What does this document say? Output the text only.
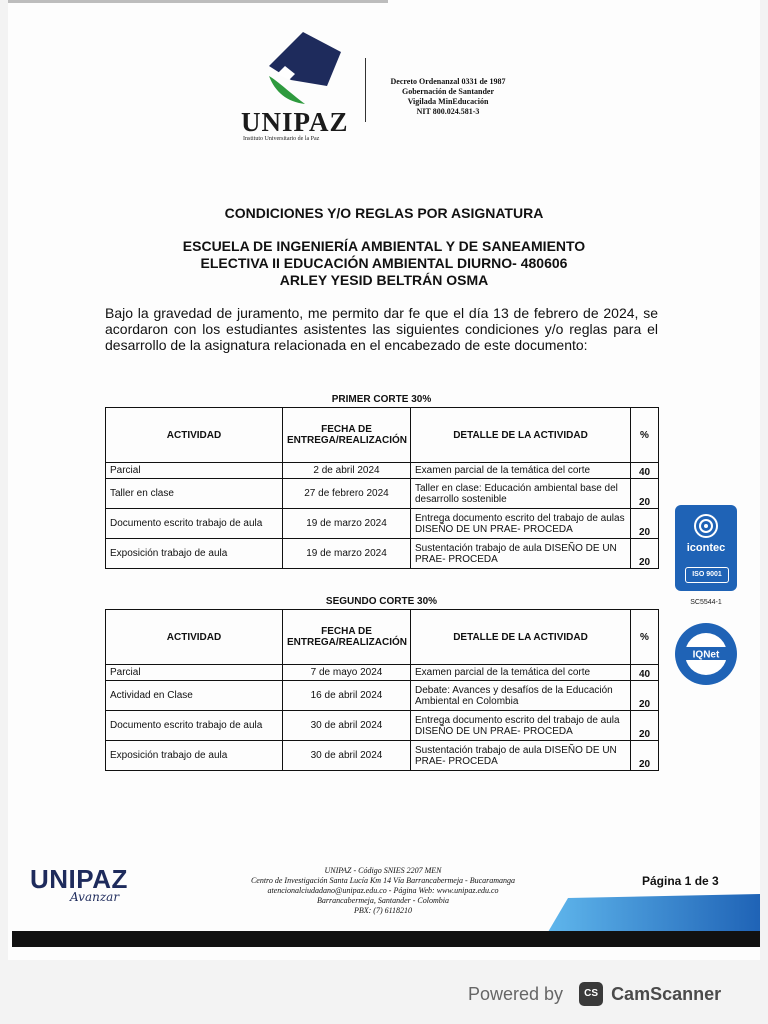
UNIPAZ
Instituto Universitario de la Paz
Decreto Ordenanzal 0331 de 1987
Gobernación de Santander
Vigilada MinEducación
NIT 800.024.581-3
CONDICIONES Y/O REGLAS POR ASIGNATURA
ESCUELA DE INGENIERÍA AMBIENTAL Y DE SANEAMIENTO
ELECTIVA II EDUCACIÓN AMBIENTAL DIURNO- 480606
ARLEY YESID BELTRÁN OSMA
Bajo la gravedad de juramento, me permito dar fe que el día 13 de febrero de 2024, se acordaron con los estudiantes asistentes las siguientes condiciones y/o reglas para el desarrollo de la asignatura relacionada en el encabezado de este documento:
PRIMER CORTE 30%
ACTIVIDAD	FECHA DE ENTREGA/REALIZACIÓN	DETALLE DE LA ACTIVIDAD	%
Parcial	2 de abril 2024	Examen parcial de la temática del corte	40
Taller en clase	27 de febrero 2024	Taller en clase: Educación ambiental base del desarrollo sostenible	20
Documento escrito trabajo de aula	19 de marzo 2024	Entrega documento escrito del trabajo de aulas DISEÑO DE UN PRAE- PROCEDA	20
Exposición trabajo de aula	19 de marzo 2024	Sustentación trabajo de aula DISEÑO DE UN PRAE- PROCEDA	20
SEGUNDO CORTE 30%
ACTIVIDAD	FECHA DE ENTREGA/REALIZACIÓN	DETALLE DE LA ACTIVIDAD	%
Parcial	7 de mayo 2024	Examen parcial de la temática del corte	40
Actividad en Clase	16 de abril 2024	Debate: Avances y desafíos de la Educación Ambiental en Colombia	20
Documento escrito trabajo de aula	30 de abril 2024	Entrega documento escrito del trabajo de aula DISEÑO DE UN PRAE- PROCEDA	20
Exposición trabajo de aula	30 de abril 2024	Sustentación trabajo de aula DISEÑO DE UN PRAE- PROCEDA	20
icontec
ISO 9001
SC5544-1
IQNet
UNIPAZ
Avanzar
UNIPAZ - Código SNIES 2207 MEN
Centro de Investigación Santa Lucía Km 14 Vía Barrancabermeja - Bucaramanga
atencionalciudadano@unipaz.edu.co - Página Web: www.unipaz.edu.co
Barrancabermeja, Santander - Colombia
PBX: (7) 6118210
Página 1 de 3
Powered by	CS CamScanner
